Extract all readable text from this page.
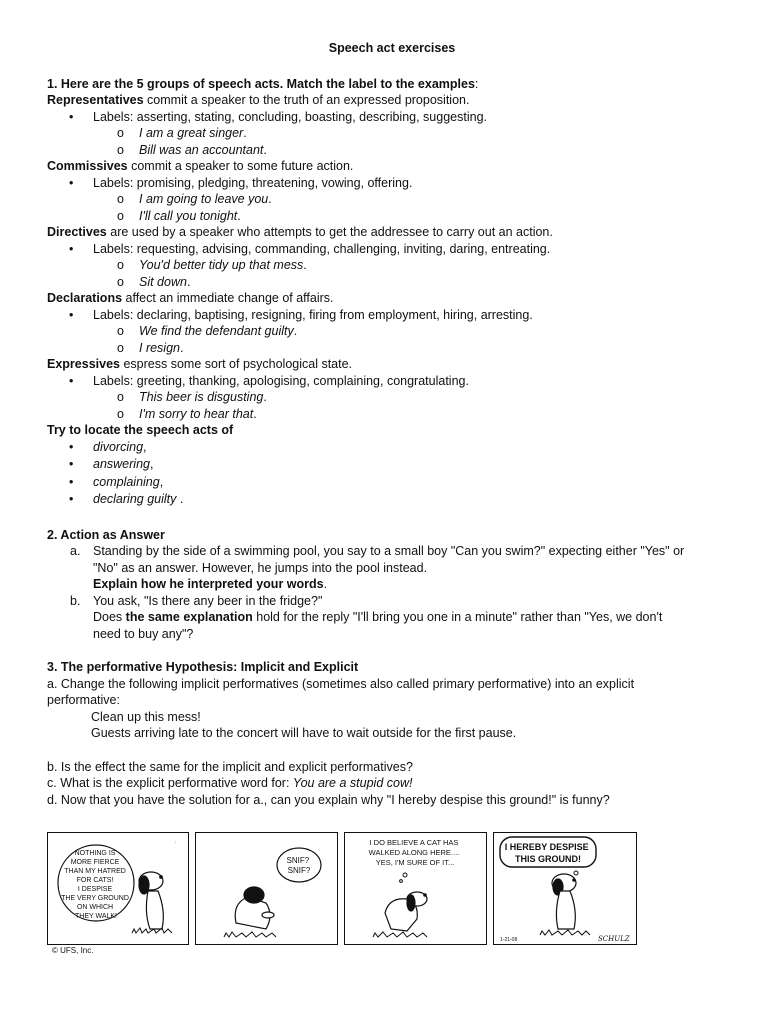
Speech act exercises
1. Here are the 5 groups of speech acts. Match the label to the examples:
Representatives commit a speaker to the truth of an expressed proposition.
• Labels: asserting, stating, concluding, boasting, describing, suggesting.
o I am a great singer.
o Bill was an accountant.
Commissives commit a speaker to some future action.
• Labels: promising, pledging, threatening, vowing, offering.
o I am going to leave you.
o I'll call you tonight.
Directives are used by a speaker who attempts to get the addressee to carry out an action.
• Labels: requesting, advising, commanding, challenging, inviting, daring, entreating.
o You'd better tidy up that mess.
o Sit down.
Declarations affect an immediate change of affairs.
• Labels: declaring, baptising, resigning, firing from employment, hiring, arresting.
o We find the defendant guilty.
o I resign.
Expressives espress some sort of psychological state.
• Labels: greeting, thanking, apologising, complaining, congratulating.
o This beer is disgusting.
o I'm sorry to hear that.
Try to locate the speech acts of
• divorcing,
• answering,
• complaining,
• declaring guilty .
2. Action as Answer
a. Standing by the side of a swimming pool, you say to a small boy "Can you swim?" expecting either "Yes" or
"No" as an answer. However, he jumps into the pool instead.
Explain how he interpreted your words.
b. You ask, "Is there any beer in the fridge?"
Does the same explanation hold for the reply "I'll bring you one in a minute" rather than "Yes, we don't
need to buy any"?
3. The performative Hypothesis: Implicit and Explicit
a. Change the following implicit performatives (sometimes also called primary performative) into an explicit
performative:
Clean up this mess!
Guests arriving late to the concert will have to wait outside for the first pause.
b. Is the effect the same for the implicit and explicit performatives?
c. What is the explicit performative word for: You are a stupid cow!
d. Now that you have the solution for a., can you explain why "I hereby despise this ground!" is funny?
NOTHING IS MORE FIERCE THAN MY HATRED FOR CATS! I DESPISE THE VERY GROUND ON WHICH THEY WALK!
...
SNIF? SNIF?
I DO BELIEVE A CAT HAS WALKED ALONG HERE.... YES, I'M SURE OF IT...
I HEREBY DESPISE THIS GROUND!
1-21-08	SCHULZ
© UFS, Inc.
